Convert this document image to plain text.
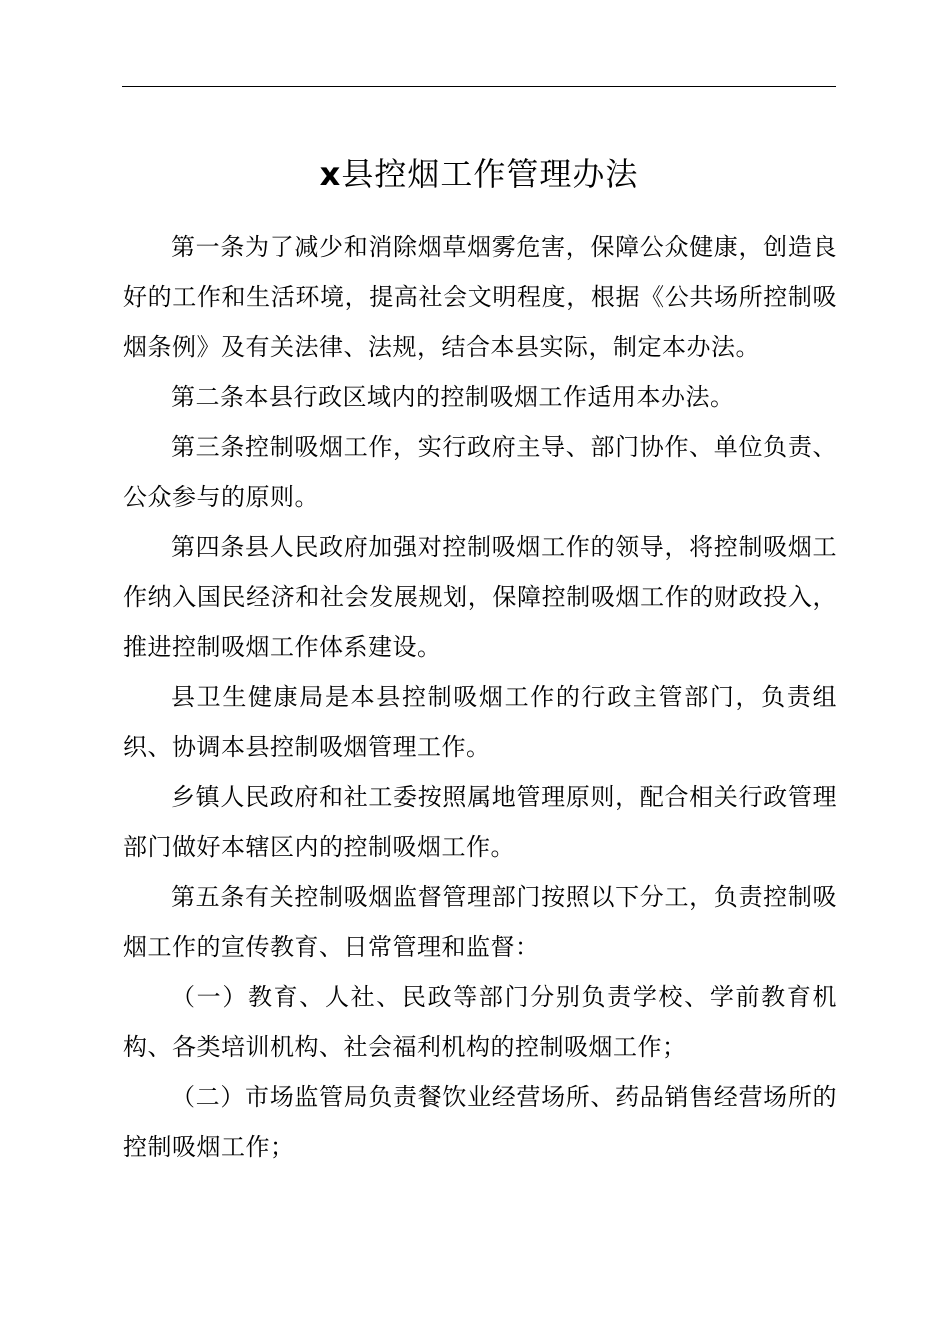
x县控烟工作管理办法

第一条为了减少和消除烟草烟雾危害，保障公众健康，创造良好的工作和生活环境，提高社会文明程度，根据《公共场所控制吸烟条例》及有关法律、法规，结合本县实际，制定本办法。

第二条本县行政区域内的控制吸烟工作适用本办法。

第三条控制吸烟工作，实行政府主导、部门协作、单位负责、公众参与的原则。

第四条县人民政府加强对控制吸烟工作的领导，将控制吸烟工作纳入国民经济和社会发展规划，保障控制吸烟工作的财政投入，推进控制吸烟工作体系建设。

县卫生健康局是本县控制吸烟工作的行政主管部门，负责组织、协调本县控制吸烟管理工作。

乡镇人民政府和社工委按照属地管理原则，配合相关行政管理部门做好本辖区内的控制吸烟工作。

第五条有关控制吸烟监督管理部门按照以下分工，负责控制吸烟工作的宣传教育、日常管理和监督：

（一）教育、人社、民政等部门分别负责学校、学前教育机构、各类培训机构、社会福利机构的控制吸烟工作；

（二）市场监管局负责餐饮业经营场所、药品销售经营场所的控制吸烟工作；
